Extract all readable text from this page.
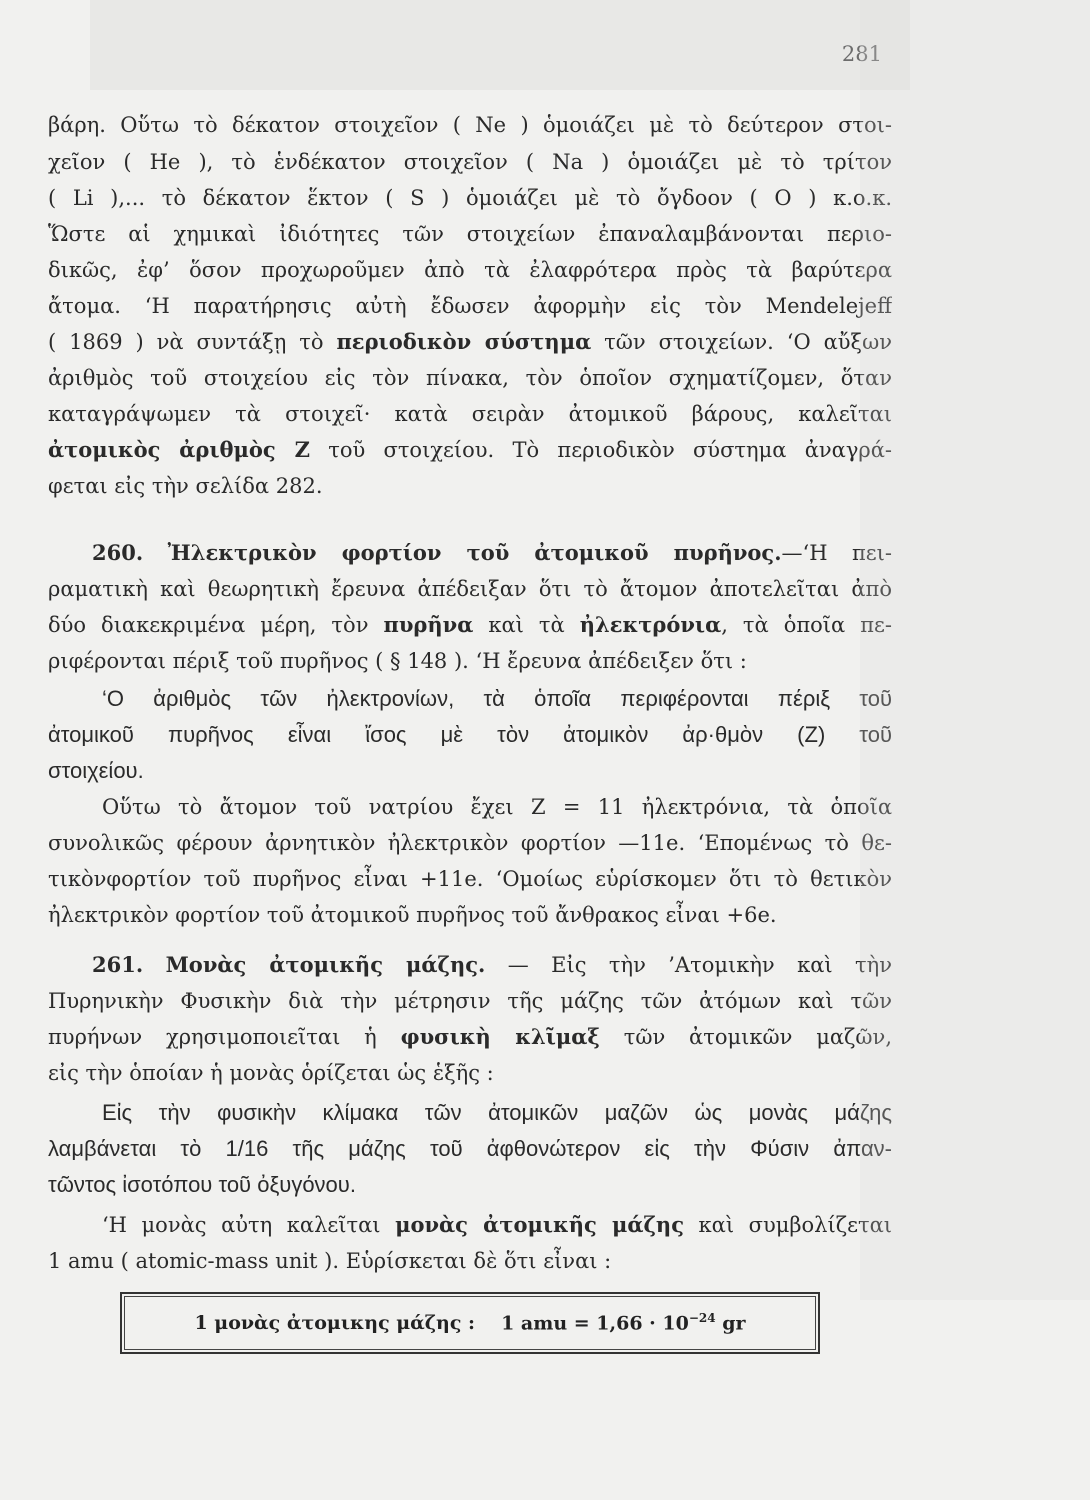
281
βάρη. Οὕτω τὸ δέκατον στοιχεῖον ( Ne ) ὁμοιάζει μὲ τὸ δεύτερον στοι-
χεῖον ( He ), τὸ ἑνδέκατον στοιχεῖον ( Na ) ὁμοιάζει μὲ τὸ τρίτον
( Li ),... τὸ δέκατον ἕκτον ( S ) ὁμοιάζει μὲ τὸ ὄγδοον ( O ) κ.ο.κ.
Ὥστε αἱ χημικαὶ ἰδιότητες τῶν στοιχείων ἐπαναλαμβάνονται περιο-
δικῶς, ἐφ’ ὅσον προχωροῦμεν ἀπὸ τὰ ἐλαφρότερα πρὸς τὰ βαρύτερα
ἄτομα. ‘Η παρατήρησις αὐτὴ ἔδωσεν ἀφορμὴν εἰς τὸν Mendelejeff
( 1869 ) νὰ συντάξῃ τὸ περιοδικὸν σύστημα τῶν στοιχείων. ‘Ο αὔξων
ἀριθμὸς τοῦ στοιχείου εἰς τὸν πίνακα, τὸν ὁποῖον σχηματίζομεν, ὅταν
καταγράψωμεν τὰ στοιχεῖ· κατὰ σειρὰν ἀτομικοῦ βάρους, καλεῖται
ἀτομικὸς ἀριθμὸς Z τοῦ στοιχείου. Τὸ περιοδικὸν σύστημα ἀναγρά-
φεται εἰς τὴν σελίδα 282.
260. Ἠλεκτρικὸν φορτίον τοῦ ἀτομικοῦ πυρῆνος.—‘Η πει-
ραματικὴ καὶ θεωρητικὴ ἔρευνα ἀπέδειξαν ὅτι τὸ ἄτομον ἀποτελεῖται ἀπὸ
δύο διακεκριμένα μέρη, τὸν πυρῆνα καὶ τὰ ἠλεκτρόνια, τὰ ὁποῖα πε-
ριφέρονται πέριξ τοῦ πυρῆνος ( § 148 ). ‘Η ἔρευνα ἀπέδειξεν ὅτι :
‘Ο ἀριθμὸς τῶν ἠλεκτρονίων, τὰ ὁποῖα περιφέρονται πέριξ τοῦ
ἀτομικοῦ πυρῆνος εἶναι ἴσος μὲ τὸν ἀτομικὸν ἀρ·θμὸν (Z) τοῦ
στοιχείου.
Οὕτω τὸ ἄτομον τοῦ νατρίου ἔχει Z = 11 ἠλεκτρόνια, τὰ ὁποῖα
συνολικῶς φέρουν ἀρνητικὸν ἠλεκτρικὸν φορτίον —11e. ‘Επομένως τὸ θε-
τικὸνφορτίον τοῦ πυρῆνος εἶναι +11e. ‘Ομοίως εὑρίσκομεν ὅτι τὸ θετικὸν
ἠλεκτρικὸν φορτίον τοῦ ἀτομικοῦ πυρῆνος τοῦ ἄνθρακος εἶναι +6e.
261. Μονὰς ἀτομικῆς μάζης. — Εἰς τὴν ’Ατομικὴν καὶ τὴν
Πυρηνικὴν Φυσικὴν διὰ τὴν μέτρησιν τῆς μάζης τῶν ἀτόμων καὶ τῶν
πυρήνων χρησιμοποιεῖται ἡ φυσικὴ κλῖμαξ τῶν ἀτομικῶν μαζῶν,
εἰς τὴν ὁποίαν ἡ μονὰς ὁρίζεται ὡς ἑξῆς :
Εἰς τὴν φυσικὴν κλίμακα τῶν ἀτομικῶν μαζῶν ὡς μονὰς μάζης
λαμβάνεται τὸ 1/16 τῆς μάζης τοῦ ἀφθονώτερον εἰς τὴν Φύσιν ἀπαν-
τῶντος ἰσοτόπου τοῦ ὀξυγόνου.
‘Η μονὰς αὐτη καλεῖται μονὰς ἀτομικῆς μάζης καὶ συμβολίζεται
1 amu ( atomic-mass unit ). Εὑρίσκεται δὲ ὅτι εἶναι :
1 μονὰς ἀτομικης μάζης : 1 amu = $1,66 \cdot 10^{-24}$ gr
